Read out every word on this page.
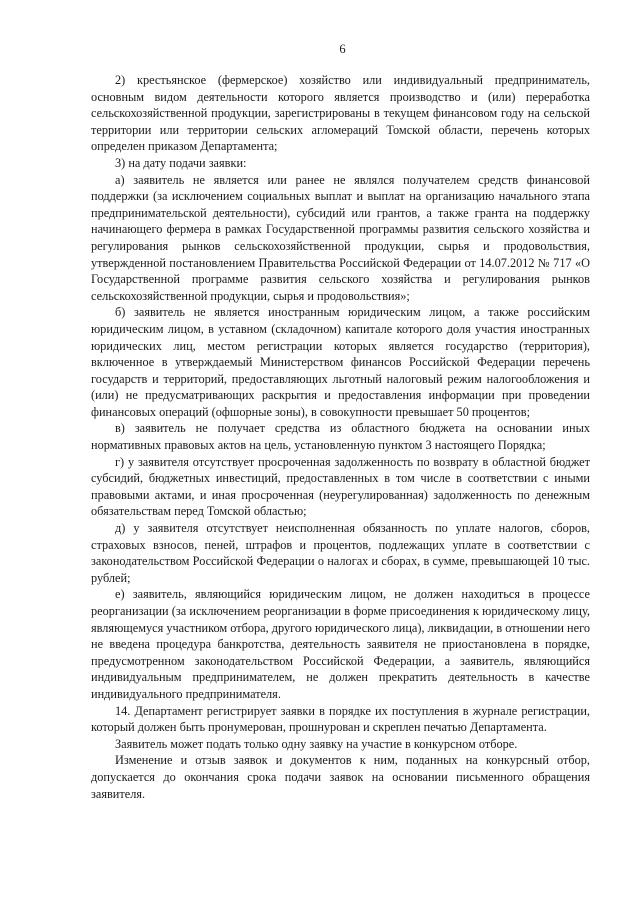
6

2) крестьянское (фермерское) хозяйство или индивидуальный предприниматель, основным видом деятельности которого является производство и (или) переработка сельскохозяйственной продукции, зарегистрированы в текущем финансовом году на сельской территории или территории сельских агломераций Томской области, перечень которых определен приказом Департамента;

3) на дату подачи заявки:

а) заявитель не является или ранее не являлся получателем средств финансовой поддержки (за исключением социальных выплат и выплат на организацию начального этапа предпринимательской деятельности), субсидий или грантов, а также гранта на поддержку начинающего фермера в рамках Государственной программы развития сельского хозяйства и регулирования рынков сельскохозяйственной продукции, сырья и продовольствия, утвержденной постановлением Правительства Российской Федерации от 14.07.2012 № 717 «О Государственной программе развития сельского хозяйства и регулирования рынков сельскохозяйственной продукции, сырья и продовольствия»;

б) заявитель не является иностранным юридическим лицом, а также российским юридическим лицом, в уставном (складочном) капитале которого доля участия иностранных юридических лиц, местом регистрации которых является государство (территория), включенное в утверждаемый Министерством финансов Российской Федерации перечень государств и территорий, предоставляющих льготный налоговый режим налогообложения и (или) не предусматривающих раскрытия и предоставления информации при проведении финансовых операций (офшорные зоны), в совокупности превышает 50 процентов;

в) заявитель не получает средства из областного бюджета на основании иных нормативных правовых актов на цель, установленную пунктом 3 настоящего Порядка;

г) у заявителя отсутствует просроченная задолженность по возврату в областной бюджет субсидий, бюджетных инвестиций, предоставленных в том числе в соответствии с иными правовыми актами, и иная просроченная (неурегулированная) задолженность по денежным обязательствам перед Томской областью;

д) у заявителя отсутствует неисполненная обязанность по уплате налогов, сборов, страховых взносов, пеней, штрафов и процентов, подлежащих уплате в соответствии с законодательством Российской Федерации о налогах и сборах, в сумме, превышающей 10 тыс. рублей;

е) заявитель, являющийся юридическим лицом, не должен находиться в процессе реорганизации (за исключением реорганизации в форме присоединения к юридическому лицу, являющемуся участником отбора, другого юридического лица), ликвидации, в отношении него не введена процедура банкротства, деятельность заявителя не приостановлена в порядке, предусмотренном законодательством Российской Федерации, а заявитель, являющийся индивидуальным предпринимателем, не должен прекратить деятельность в качестве индивидуального предпринимателя.

14. Департамент регистрирует заявки в порядке их поступления в журнале регистрации, который должен быть пронумерован, прошнурован и скреплен печатью Департамента.

Заявитель может подать только одну заявку на участие в конкурсном отборе.

Изменение и отзыв заявок и документов к ним, поданных на конкурсный отбор, допускается до окончания срока подачи заявок на основании письменного обращения заявителя.
